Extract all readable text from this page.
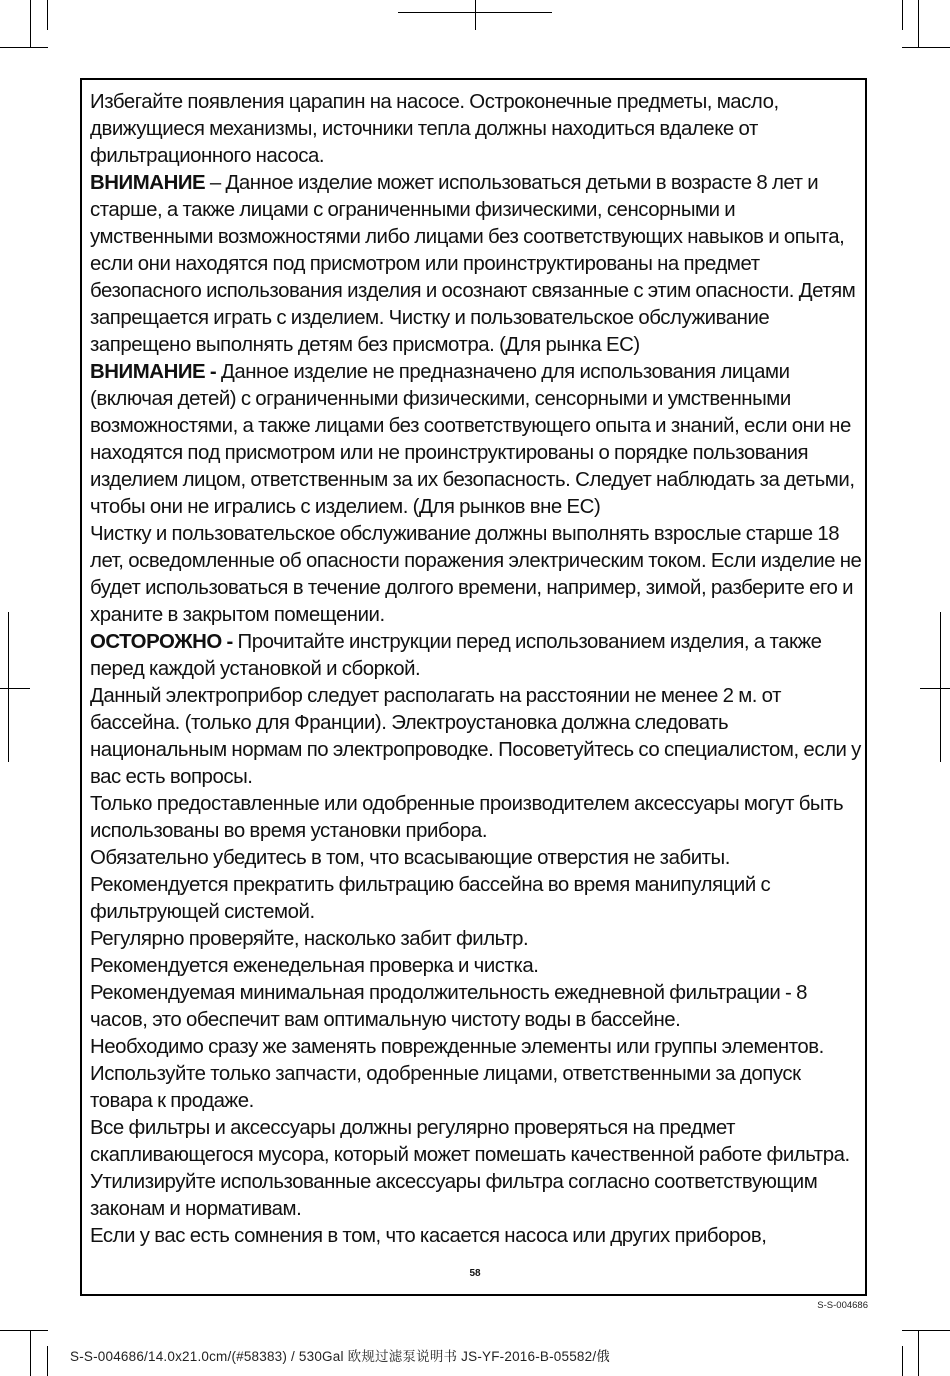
Избегайте появления царапин на насосе. Остроконечные предметы, масло, движущиеся механизмы, источники тепла должны находиться вдалеке от фильтрационного насоса.

ВНИМАНИЕ – Данное изделие может использоваться детьми в возрасте 8 лет и старше, а также лицами с ограниченными физическими, сенсорными и умственными возможностями либо лицами без соответствующих навыков и опыта, если они находятся под присмотром или проинструктированы на предмет безопасного использования изделия и осознают связанные с этим опасности. Детям запрещается играть с изделием. Чистку и пользовательское обслуживание запрещено выполнять детям без присмотра. (Для рынка ЕС)

ВНИМАНИЕ - Данное изделие не предназначено для использования лицами (включая детей) с ограниченными физическими, сенсорными и умственными возможностями, а также лицами без соответствующего опыта и знаний, если они не находятся под присмотром или не проинструктированы о порядке пользования изделием лицом, ответственным за их безопасность. Следует наблюдать за детьми, чтобы они не игрались с изделием. (Для рынков вне ЕС)

Чистку и пользовательское обслуживание должны выполнять взрослые старше 18 лет, осведомленные об опасности поражения электрическим током. Если изделие не будет использоваться в течение долгого времени, например, зимой, разберите его и храните в закрытом помещении.

ОСТОРОЖНО - Прочитайте инструкции перед использованием изделия, а также перед каждой установкой и сборкой.

Данный электроприбор следует располагать на расстоянии не менее 2 м. от бассейна. (только для Франции). Электроустановка должна следовать национальным нормам по электропроводке. Посоветуйтесь со специалистом, если у вас есть вопросы.

Только предоставленные или одобренные производителем аксессуары могут быть использованы во время установки прибора.

Обязательно убедитесь в том, что всасывающие отверстия не забиты.

Рекомендуется прекратить фильтрацию бассейна во время манипуляций с фильтрующей системой.

Регулярно проверяйте, насколько забит фильтр.

Рекомендуется еженедельная проверка и чистка.

Рекомендуемая минимальная продолжительность ежедневной фильтрации - 8 часов, это обеспечит вам оптимальную чистоту воды в бассейне.

Необходимо сразу же заменять поврежденные элементы или группы элементов. Используйте только запчасти, одобренные лицами, ответственными за допуск товара к продаже.

Все фильтры и аксессуары должны регулярно проверяться на предмет скапливающегося мусора, который может помешать качественной работе фильтра. Утилизируйте использованные аксессуары фильтра согласно соответствующим законам и нормативам.

Если у вас есть сомнения в том, что касается насоса или других приборов,

58
S-S-004686
S-S-004686/14.0x21.0cm/(#58383) / 530Gal 欧规过滤泵说明书 JS-YF-2016-B-05582/俄
